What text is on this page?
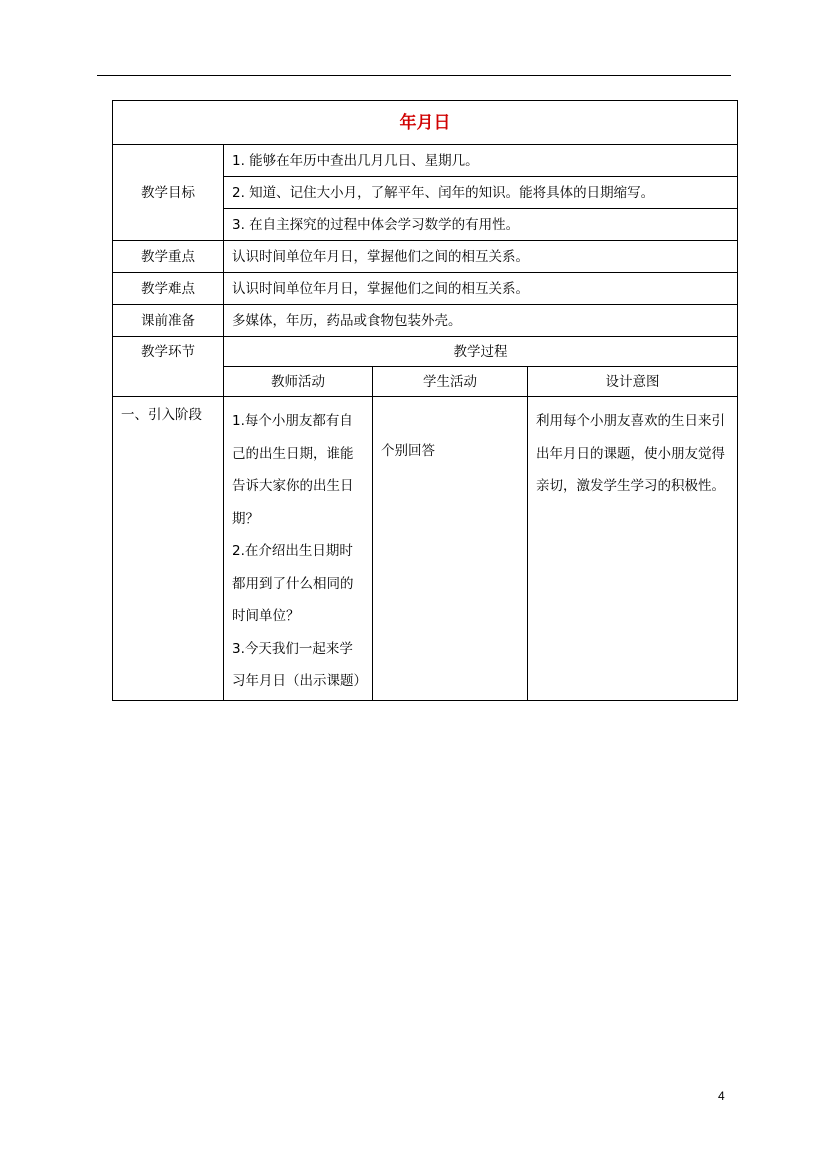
年月日			
教学目标	1. 能够在年历中查出几月几日、星期几。		
	2. 知道、记住大小月，了解平年、闰年的知识。能将具体的日期缩写。		
	3. 在自主探究的过程中体会学习数学的有用性。		
教学重点	认识时间单位年月日，掌握他们之间的相互关系。		
教学难点	认识时间单位年月日，掌握他们之间的相互关系。		
课前准备	多媒体，年历，药品或食物包装外壳。		
教学环节	教学过程		
	教师活动	学生活动	设计意图
一、引入阶段	1.每个小朋友都有自己的出生日期，谁能告诉大家你的出生日期？
2.在介绍出生日期时都用到了什么相同的时间单位？
3.今天我们一起来学习年月日（出示课题）	个别回答	利用每个小朋友喜欢的生日来引出年月日的课题，使小朋友觉得亲切，激发学生学习的积极性。
4
